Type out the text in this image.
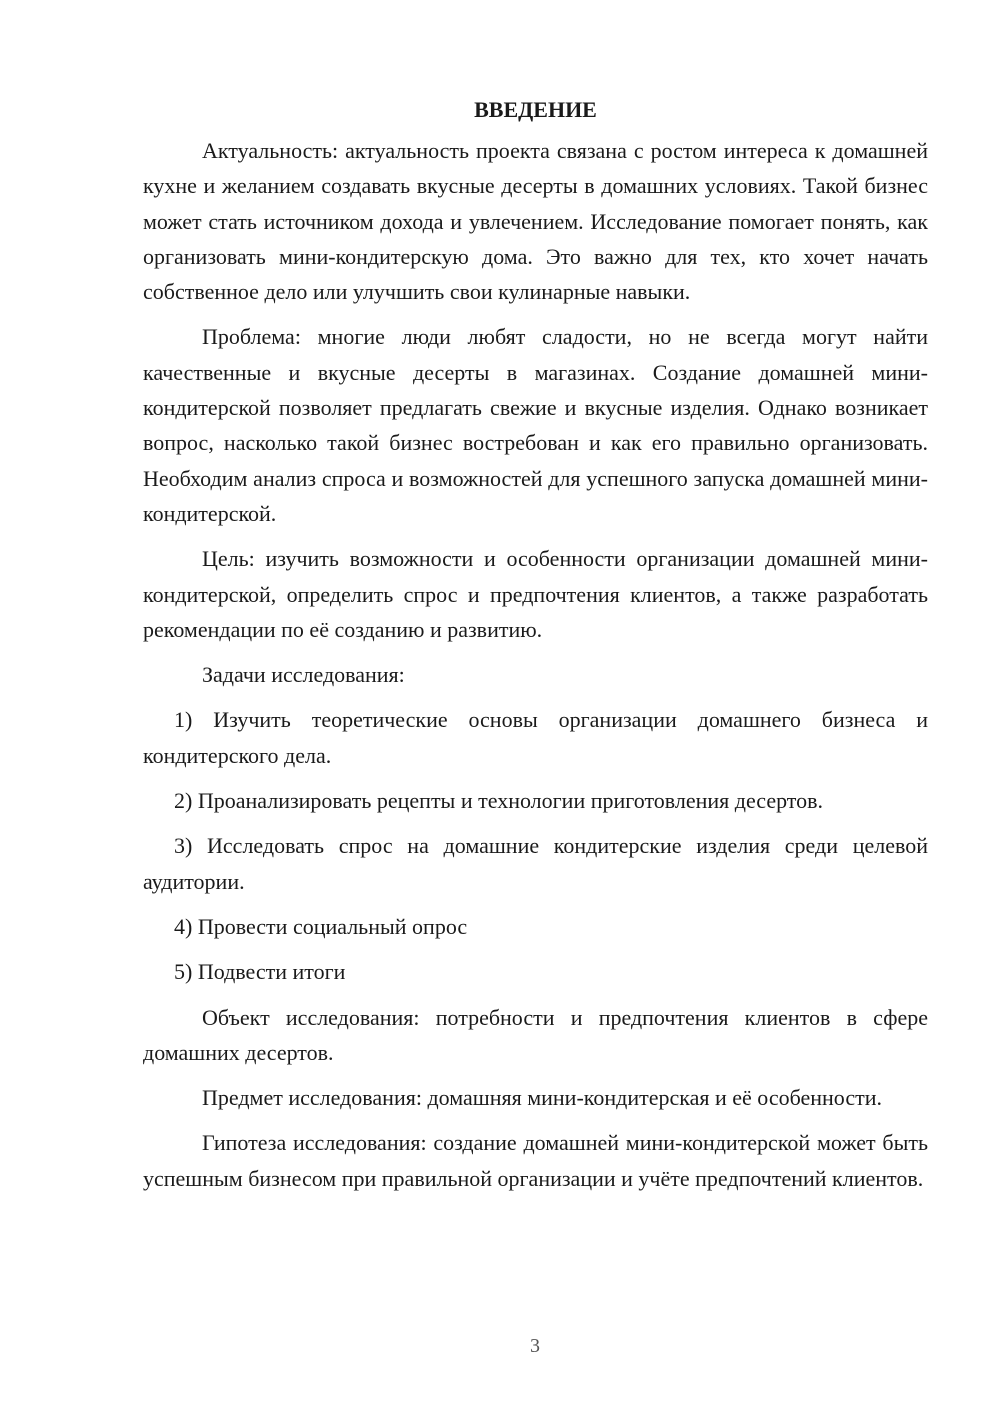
ВВЕДЕНИЕ

Актуальность: актуальность проекта связана с ростом интереса к домашней кухне и желанием создавать вкусные десерты в домашних условиях. Такой бизнес может стать источником дохода и увлечением. Исследование помогает понять, как организовать мини-кондитерскую дома. Это важно для тех, кто хочет начать собственное дело или улучшить свои кулинарные навыки.

Проблема: многие люди любят сладости, но не всегда могут найти качественные и вкусные десерты в магазинах. Создание домашней мини-кондитерской позволяет предлагать свежие и вкусные изделия. Однако возникает вопрос, насколько такой бизнес востребован и как его правильно организовать. Необходим анализ спроса и возможностей для успешного запуска домашней мини-кондитерской.

Цель: изучить возможности и особенности организации домашней мини-кондитерской, определить спрос и предпочтения клиентов, а также разработать рекомендации по её созданию и развитию.

Задачи исследования:

1) Изучить теоретические основы организации домашнего бизнеса и кондитерского дела.

2) Проанализировать рецепты и технологии приготовления десертов.

3) Исследовать спрос на домашние кондитерские изделия среди целевой аудитории.

4) Провести социальный опрос

5) Подвести итоги

Объект исследования: потребности и предпочтения клиентов в сфере домашних десертов.

Предмет исследования: домашняя мини-кондитерская и её особенности.

Гипотеза исследования: создание домашней мини-кондитерской может быть успешным бизнесом при правильной организации и учёте предпочтений клиентов.

3
